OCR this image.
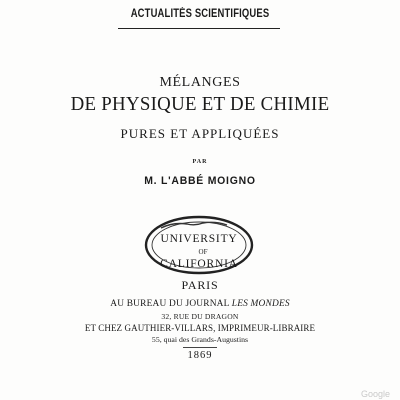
ACTUALITÉS SCIENTIFIQUES
MÉLANGES
DE PHYSIQUE ET DE CHIMIE
PURES ET APPLIQUÉES
PAR
M. L'ABBÉ MOIGNO
UNIVERSITY
OF
CALIFORNIA
PARIS
AU BUREAU DU JOURNAL LES MONDES
32, RUE DU DRAGON
ET CHEZ GAUTHIER-VILLARS, IMPRIMEUR-LIBRAIRE
55, quai des Grands-Augustins
1869
Google
